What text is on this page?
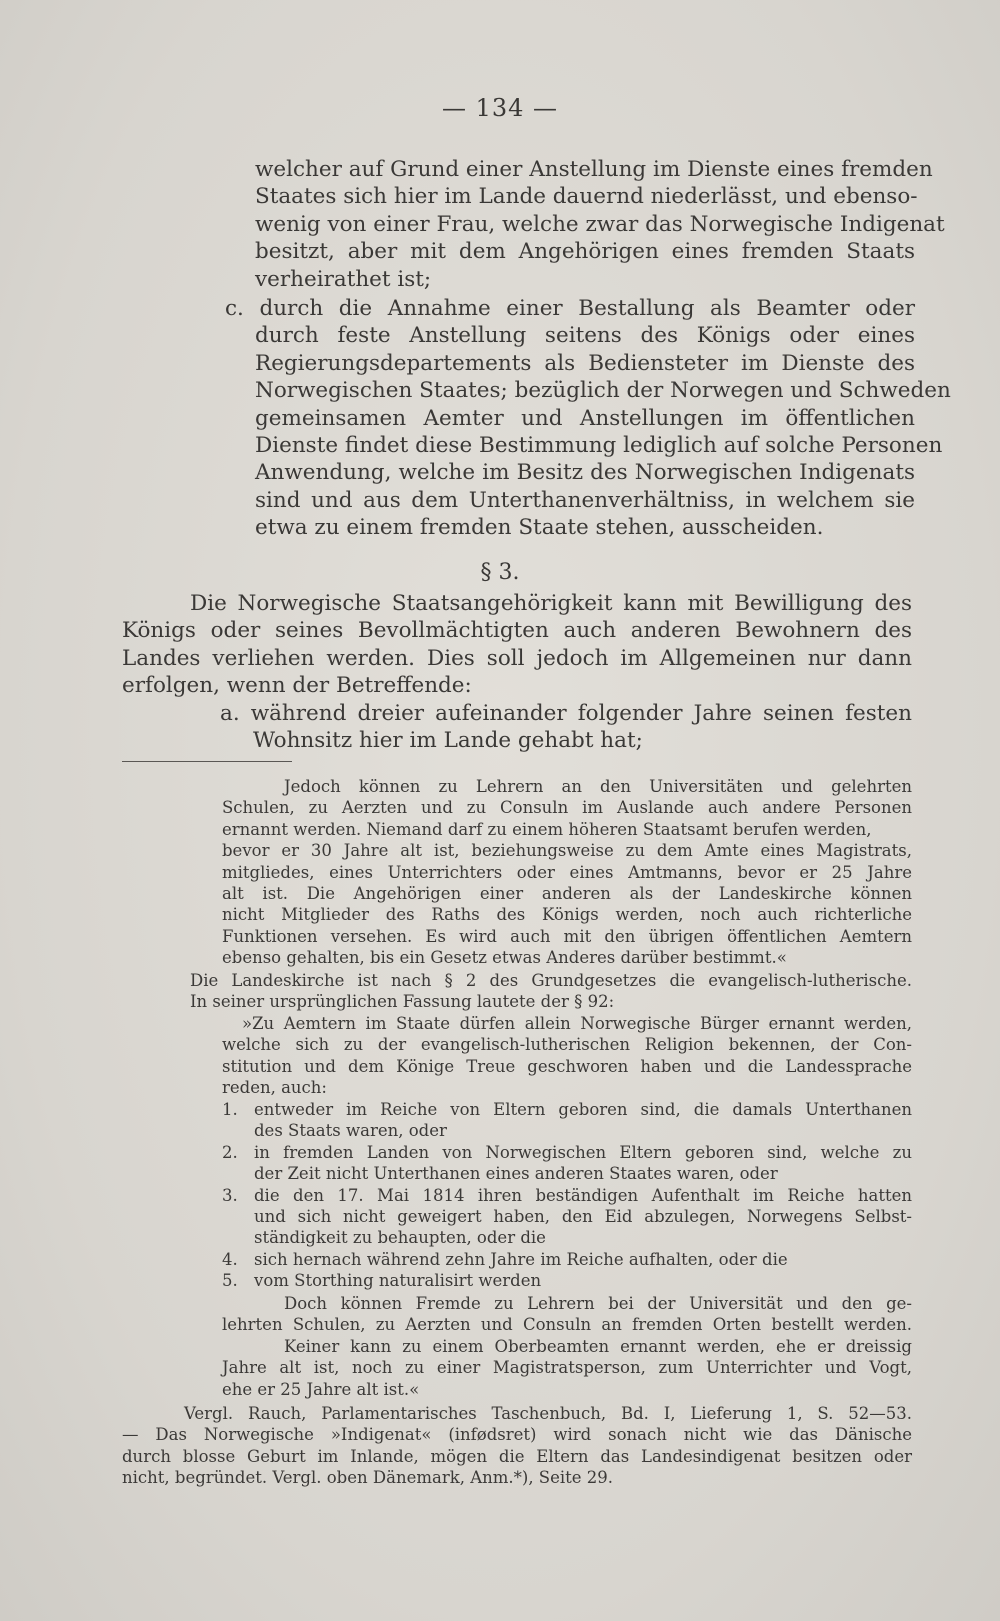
— 134 —
welcher auf Grund einer Anstellung im Dienste eines fremden
Staates sich hier im Lande dauernd niederlässt, und ebenso-
wenig von einer Frau, welche zwar das Norwegische Indigenat
besitzt, aber mit dem Angehörigen eines fremden Staats
verheirathet ist;
c. durch die Annahme einer Bestallung als Beamter oder
durch feste Anstellung seitens des Königs oder eines
Regierungsdepartements als Bediensteter im Dienste des
Norwegischen Staates; bezüglich der Norwegen und Schweden
gemeinsamen Aemter und Anstellungen im öffentlichen
Dienste findet diese Bestimmung lediglich auf solche Personen
Anwendung, welche im Besitz des Norwegischen Indigenats
sind und aus dem Unterthanenverhältniss, in welchem sie
etwa zu einem fremden Staate stehen, ausscheiden.
§ 3.
Die Norwegische Staatsangehörigkeit kann mit Bewilligung des
Königs oder seines Bevollmächtigten auch anderen Bewohnern des
Landes verliehen werden. Dies soll jedoch im Allgemeinen nur dann
erfolgen, wenn der Betreffende:
a. während dreier aufeinander folgender Jahre seinen festen
Wohnsitz hier im Lande gehabt hat;
Jedoch können zu Lehrern an den Universitäten und gelehrten
Schulen, zu Aerzten und zu Consuln im Auslande auch andere Personen
ernannt werden. Niemand darf zu einem höheren Staatsamt berufen werden,
bevor er 30 Jahre alt ist, beziehungsweise zu dem Amte eines Magistrats,
mitgliedes, eines Unterrichters oder eines Amtmanns, bevor er 25 Jahre
alt ist. Die Angehörigen einer anderen als der Landeskirche können
nicht Mitglieder des Raths des Königs werden, noch auch richterliche
Funktionen versehen. Es wird auch mit den übrigen öffentlichen Aemtern
ebenso gehalten, bis ein Gesetz etwas Anderes darüber bestimmt.«
Die Landeskirche ist nach § 2 des Grundgesetzes die evangelisch-lutherische.
In seiner ursprünglichen Fassung lautete der § 92:
»Zu Aemtern im Staate dürfen allein Norwegische Bürger ernannt werden,
welche sich zu der evangelisch-lutherischen Religion bekennen, der Con-
stitution und dem Könige Treue geschworen haben und die Landessprache
reden, auch:
1. entweder im Reiche von Eltern geboren sind, die damals Unterthanen
des Staats waren, oder
2. in fremden Landen von Norwegischen Eltern geboren sind, welche zu
der Zeit nicht Unterthanen eines anderen Staates waren, oder
3. die den 17. Mai 1814 ihren beständigen Aufenthalt im Reiche hatten
und sich nicht geweigert haben, den Eid abzulegen, Norwegens Selbst-
ständigkeit zu behaupten, oder die
4. sich hernach während zehn Jahre im Reiche aufhalten, oder die
5. vom Storthing naturalisirt werden
Doch können Fremde zu Lehrern bei der Universität und den ge-
lehrten Schulen, zu Aerzten und Consuln an fremden Orten bestellt werden.
Keiner kann zu einem Oberbeamten ernannt werden, ehe er dreissig
Jahre alt ist, noch zu einer Magistratsperson, zum Unterrichter und Vogt,
ehe er 25 Jahre alt ist.«
Vergl. Rauch, Parlamentarisches Taschenbuch, Bd. I, Lieferung 1, S. 52—53.
— Das Norwegische »Indigenat« (infødsret) wird sonach nicht wie das Dänische
durch blosse Geburt im Inlande, mögen die Eltern das Landesindigenat besitzen oder
nicht, begründet. Vergl. oben Dänemark, Anm.*), Seite 29.
